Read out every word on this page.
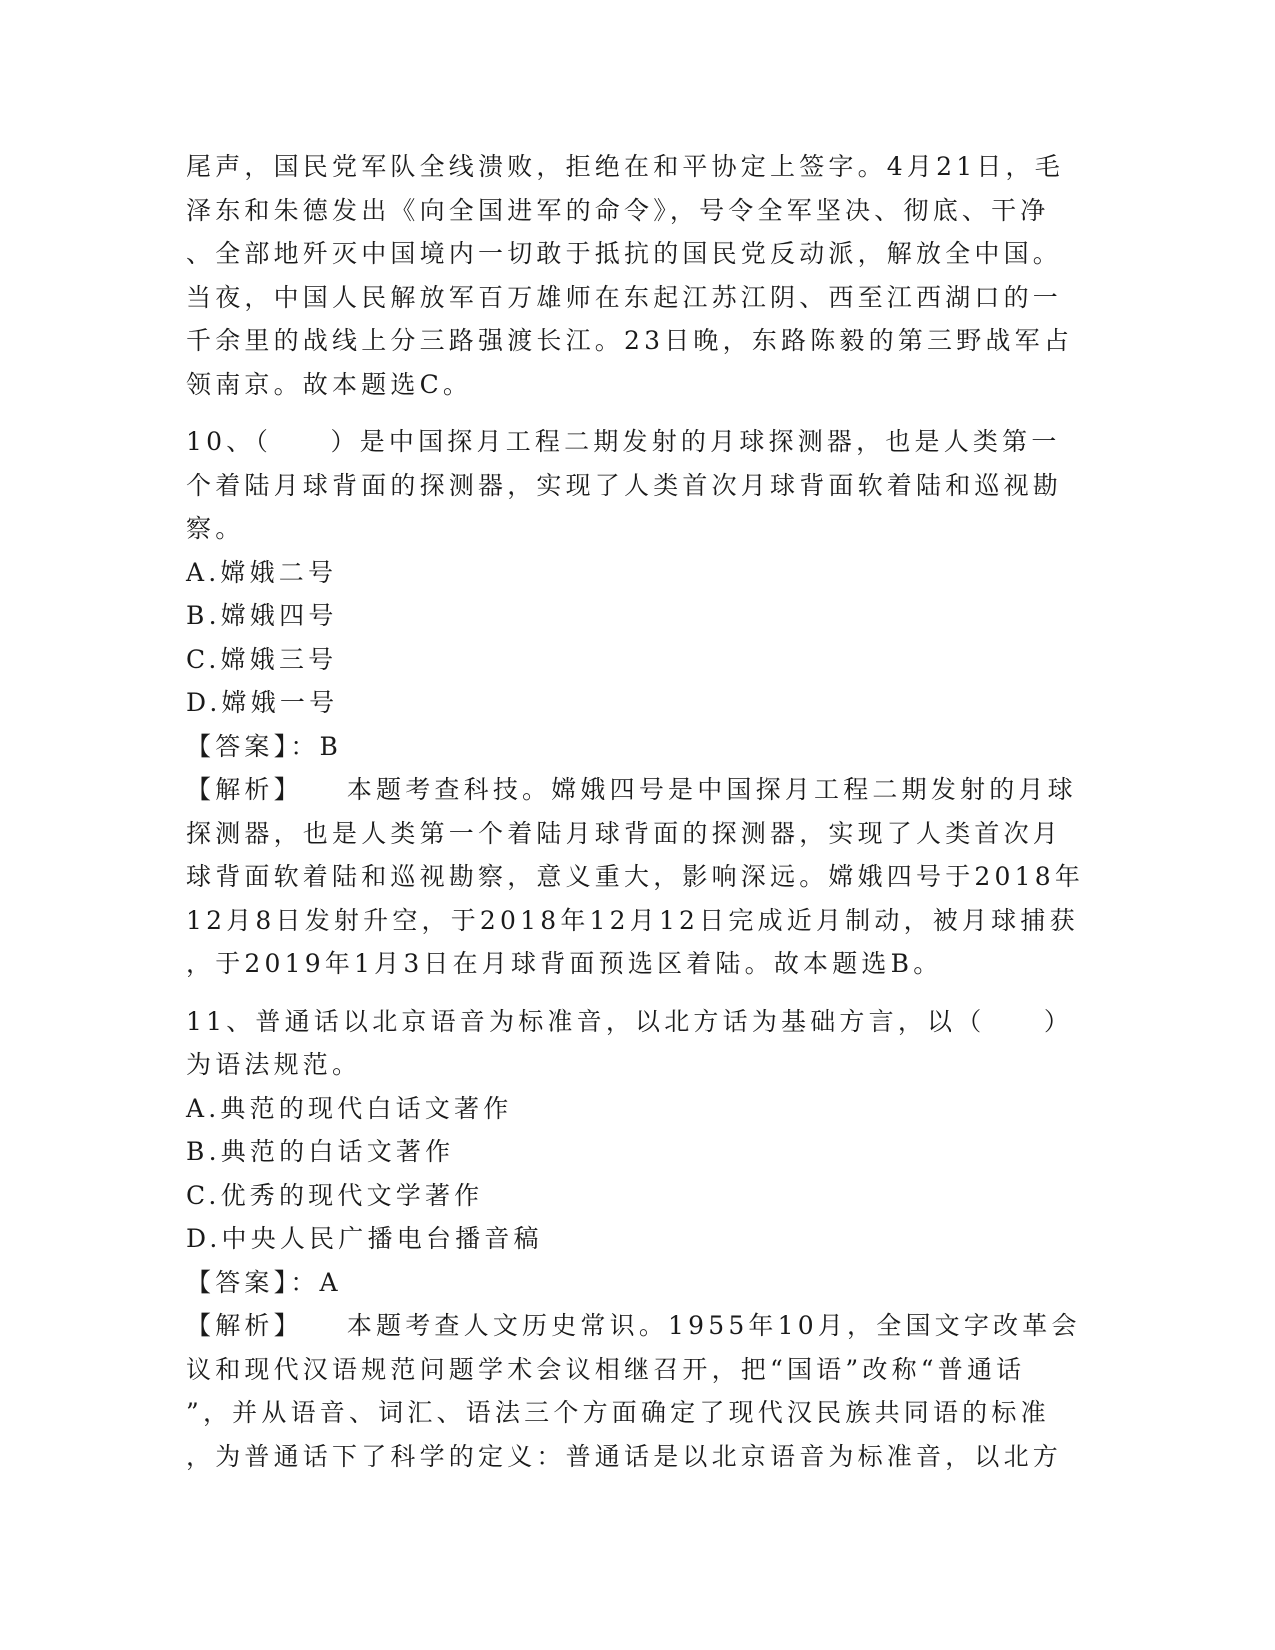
尾声，国民党军队全线溃败，拒绝在和平协定上签字。4月21日，毛
泽东和朱德发出《向全国进军的命令》，号令全军坚决、彻底、干净
、全部地歼灭中国境内一切敢于抵抗的国民党反动派，解放全中国。
当夜，中国人民解放军百万雄师在东起江苏江阴、西至江西湖口的一
千余里的战线上分三路强渡长江。23日晚，东路陈毅的第三野战军占
领南京。故本题选C。
10、（　　）是中国探月工程二期发射的月球探测器，也是人类第一
个着陆月球背面的探测器，实现了人类首次月球背面软着陆和巡视勘
察。
A.嫦娥二号
B.嫦娥四号
C.嫦娥三号
D.嫦娥一号
【答案】：B
【解析】 本题考查科技。嫦娥四号是中国探月工程二期发射的月球
探测器，也是人类第一个着陆月球背面的探测器，实现了人类首次月
球背面软着陆和巡视勘察，意义重大，影响深远。嫦娥四号于2018年
12月8日发射升空，于2018年12月12日完成近月制动，被月球捕获
，于2019年1月3日在月球背面预选区着陆。故本题选B。
11、普通话以北京语音为标准音，以北方话为基础方言，以（　　）
为语法规范。
A.典范的现代白话文著作
B.典范的白话文著作
C.优秀的现代文学著作
D.中央人民广播电台播音稿
【答案】：A
【解析】 本题考查人文历史常识。1955年10月，全国文字改革会
议和现代汉语规范问题学术会议相继召开，把“国语”改称“普通话
”，并从语音、词汇、语法三个方面确定了现代汉民族共同语的标准
，为普通话下了科学的定义：普通话是以北京语音为标准音，以北方
